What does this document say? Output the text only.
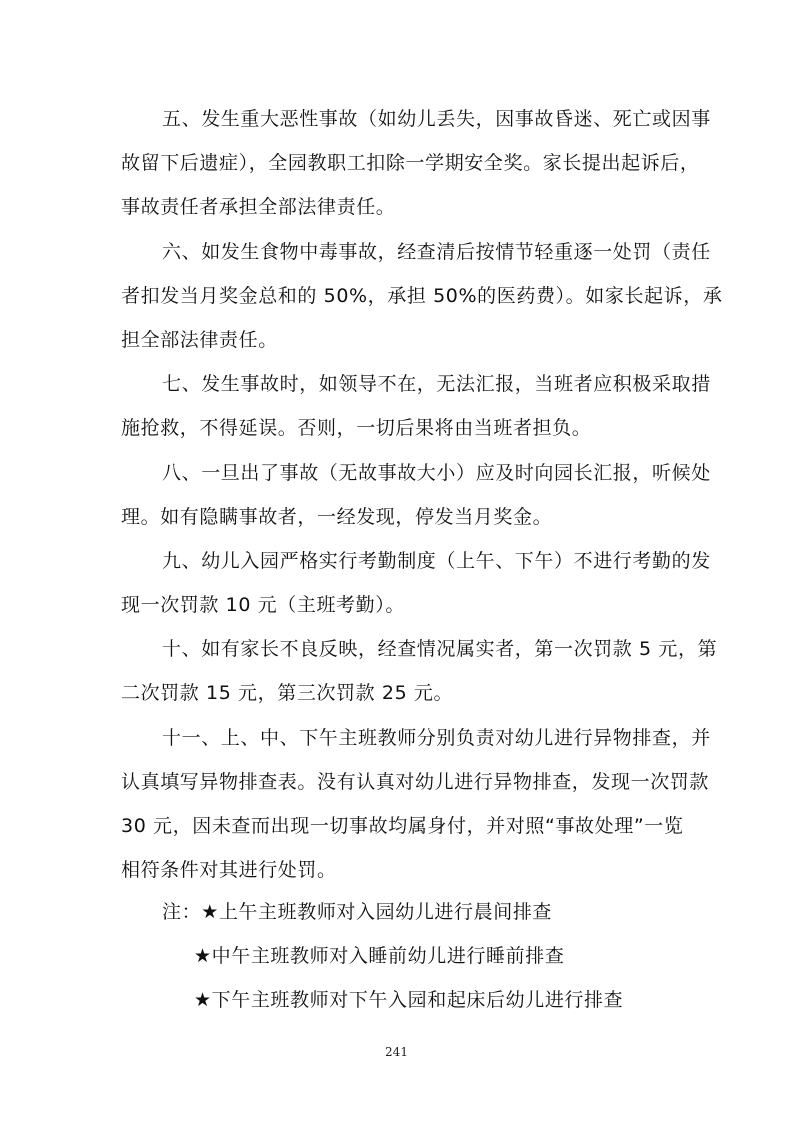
五、发生重大恶性事故（如幼儿丢失，因事故昏迷、死亡或因事
故留下后遗症），全园教职工扣除一学期安全奖。家长提出起诉后，
事故责任者承担全部法律责任。
六、如发生食物中毒事故，经查清后按情节轻重逐一处罚（责任
者扣发当月奖金总和的 50%，承担 50%的医药费）。如家长起诉，承
担全部法律责任。
七、发生事故时，如领导不在，无法汇报，当班者应积极采取措
施抢救，不得延误。否则，一切后果将由当班者担负。
八、一旦出了事故（无故事故大小）应及时向园长汇报，听候处
理。如有隐瞒事故者，一经发现，停发当月奖金。
九、幼儿入园严格实行考勤制度（上午、下午）不进行考勤的发
现一次罚款 10 元（主班考勤）。
十、如有家长不良反映，经查情况属实者，第一次罚款 5 元，第
二次罚款 15 元，第三次罚款 25 元。
十一、上、中、下午主班教师分别负责对幼儿进行异物排查，并
认真填写异物排查表。没有认真对幼儿进行异物排查，发现一次罚款
30 元，因未查而出现一切事故均属身付，并对照“事故处理”一览
相符条件对其进行处罚。
注：★上午主班教师对入园幼儿进行晨间排查
★中午主班教师对入睡前幼儿进行睡前排查
★下午主班教师对下午入园和起床后幼儿进行排查
241
